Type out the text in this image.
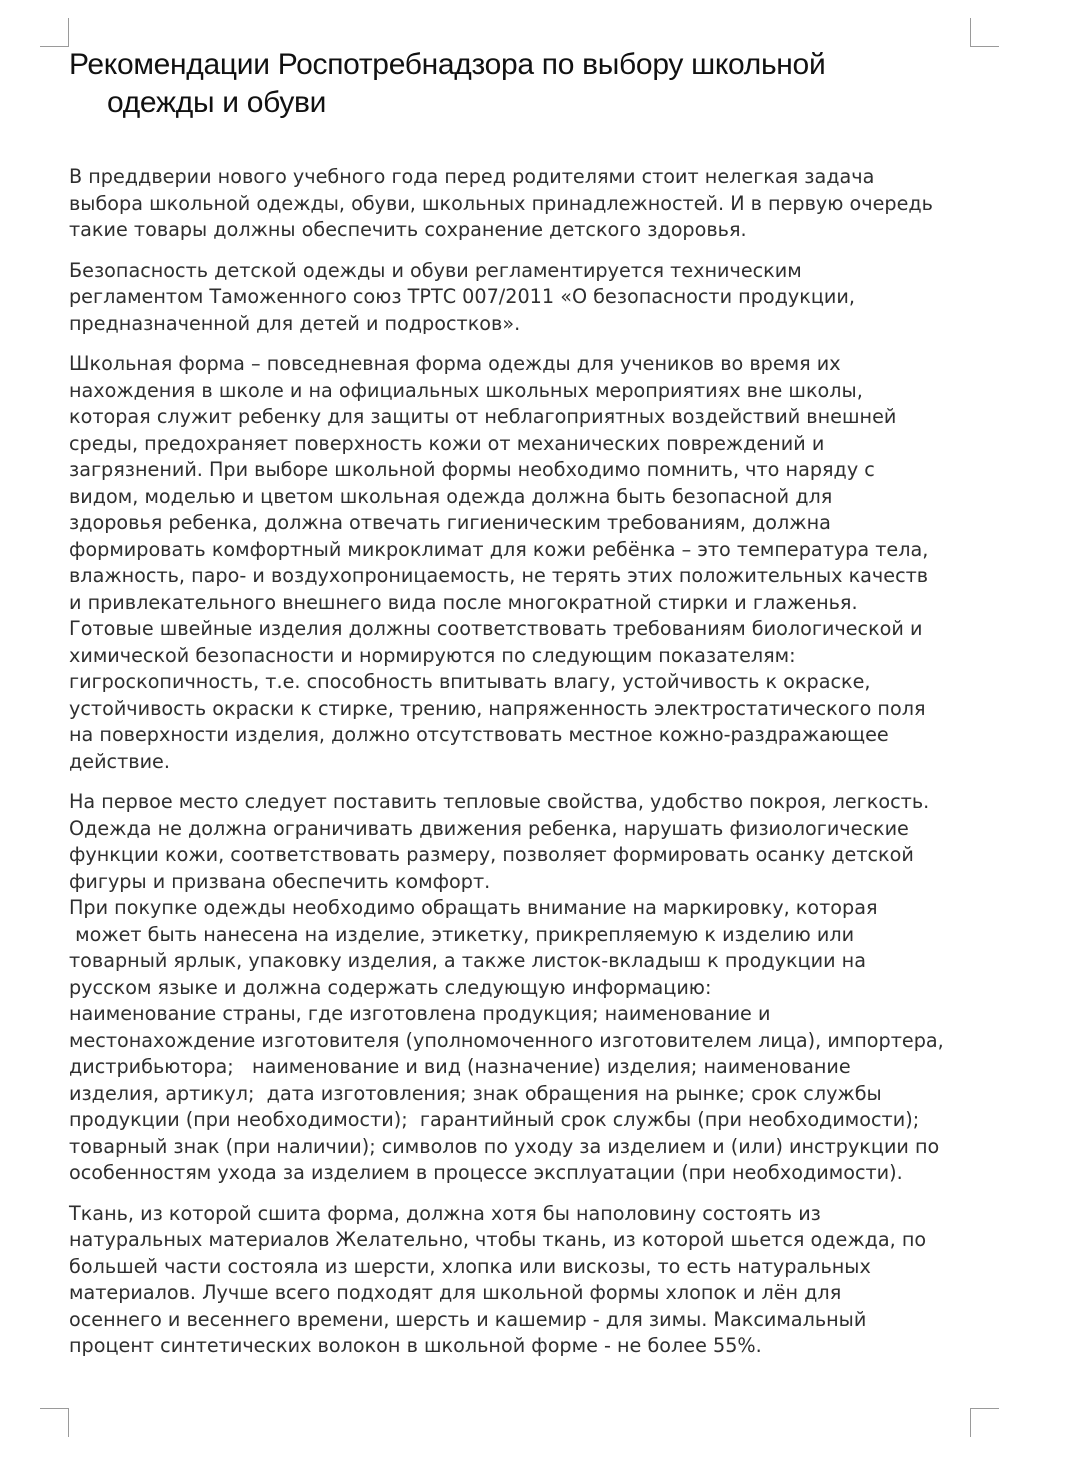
Рекомендации Роспотребнадзора по выбору школьной
одежды и обуви

В преддверии нового учебного года перед родителями стоит нелегкая задача
выбора школьной одежды, обуви, школьных принадлежностей. И в первую очередь
такие товары должны обеспечить сохранение детского здоровья.

Безопасность детской одежды и обуви регламентируется техническим
регламентом Таможенного союз ТРТС 007/2011 «О безопасности продукции,
предназначенной для детей и подростков».

Школьная форма – повседневная форма одежды для учеников во время их
нахождения в школе и на официальных школьных мероприятиях вне школы,
которая служит ребенку для защиты от неблагоприятных воздействий внешней
среды, предохраняет поверхность кожи от механических повреждений и
загрязнений. При выборе школьной формы необходимо помнить, что наряду с
видом, моделью и цветом школьная одежда должна быть безопасной для
здоровья ребенка, должна отвечать гигиеническим требованиям, должна
формировать комфортный микроклимат для кожи ребёнка – это температура тела,
влажность, паро- и воздухопроницаемость, не терять этих положительных качеств
и привлекательного внешнего вида после многократной стирки и глаженья.
Готовые швейные изделия должны соответствовать требованиям биологической и
химической безопасности и нормируются по следующим показателям:
гигроскопичность, т.е. способность впитывать влагу, устойчивость к окраске,
устойчивость окраски к стирке, трению, напряженность электростатического поля
на поверхности изделия, должно отсутствовать местное кожно-раздражающее
действие.

На первое место следует поставить тепловые свойства, удобство покроя, легкость.
Одежда не должна ограничивать движения ребенка, нарушать физиологические
функции кожи, соответствовать размеру, позволяет формировать осанку детской
фигуры и призвана обеспечить комфорт.

При покупке одежды необходимо обращать внимание на маркировку, которая
может быть нанесена на изделие, этикетку, прикрепляемую к изделию или
товарный ярлык, упаковку изделия, а также листок-вкладыш к продукции на
русском языке и должна содержать следующую информацию:
наименование страны, где изготовлена продукция; наименование и
местонахождение изготовителя (уполномоченного изготовителем лица), импортера,
дистрибьютора;   наименование и вид (назначение) изделия; наименование
изделия, артикул;  дата изготовления; знак обращения на рынке; срок службы
продукции (при необходимости);  гарантийный срок службы (при необходимости);
товарный знак (при наличии); символов по уходу за изделием и (или) инструкции по
особенностям ухода за изделием в процессе эксплуатации (при необходимости).

Ткань, из которой сшита форма, должна хотя бы наполовину состоять из
натуральных материалов Желательно, чтобы ткань, из которой шьется одежда, по
большей части состояла из шерсти, хлопка или вискозы, то есть натуральных
материалов. Лучше всего подходят для школьной формы хлопок и лён для
осеннего и весеннего времени, шерсть и кашемир - для зимы. Максимальный
процент синтетических волокон в школьной форме - не более 55%.
